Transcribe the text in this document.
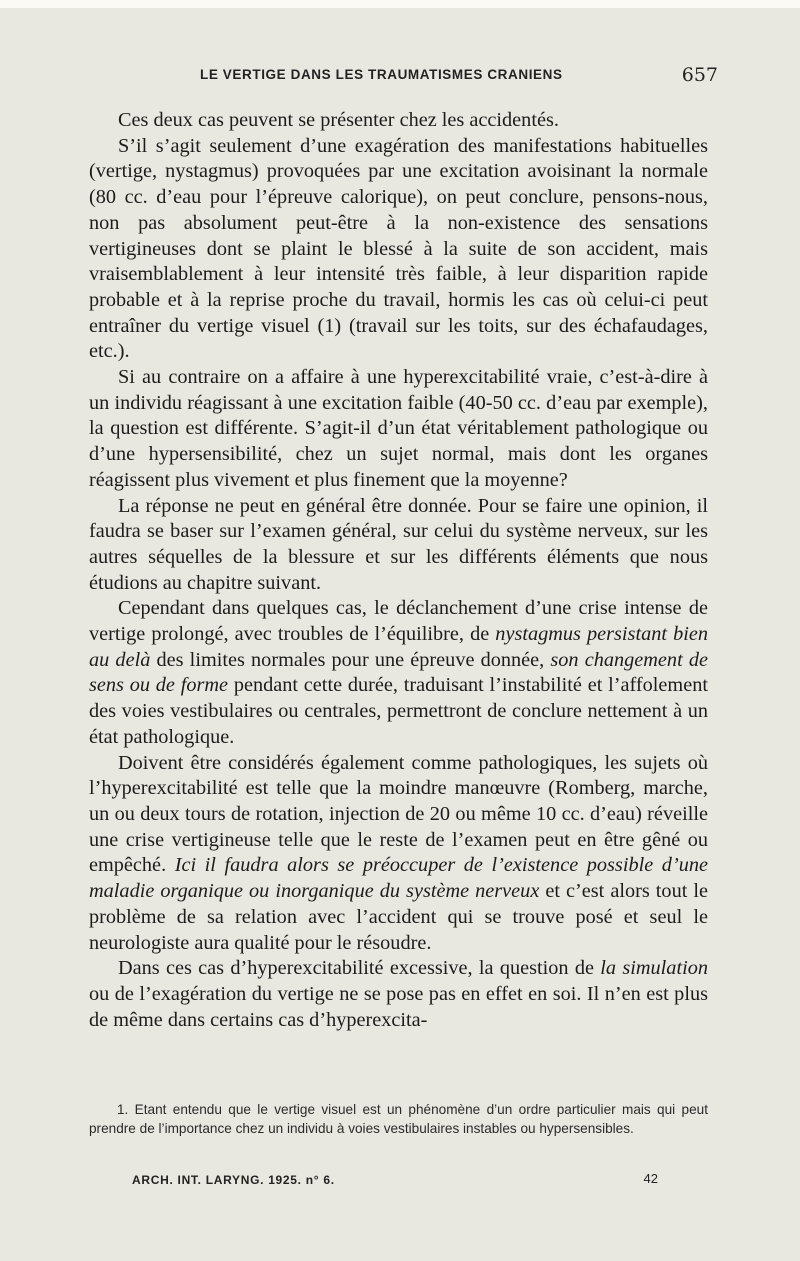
LE VERTIGE DANS LES TRAUMATISMES CRANIENS	657

Ces deux cas peuvent se présenter chez les accidentés.

S’il s’agit seulement d’une exagération des manifestations habituelles (vertige, nystagmus) provoquées par une excitation avoisinant la normale (80 cc. d’eau pour l’épreuve calorique), on peut conclure, pensons-nous, non pas absolument peut-être à la non-existence des sensations vertigineuses dont se plaint le blessé à la suite de son accident, mais vraisemblablement à leur intensité très faible, à leur disparition rapide probable et à la reprise proche du travail, hormis les cas où celui-ci peut entraîner du vertige visuel (1) (travail sur les toits, sur des échafaudages, etc.).

Si au contraire on a affaire à une hyperexcitabilité vraie, c’est-à-dire à un individu réagissant à une excitation faible (40-50 cc. d’eau par exemple), la question est différente. S’agit-il d’un état véritablement pathologique ou d’une hypersensibilité, chez un sujet normal, mais dont les organes réagissent plus vivement et plus finement que la moyenne?

La réponse ne peut en général être donnée. Pour se faire une opinion, il faudra se baser sur l’examen général, sur celui du système nerveux, sur les autres séquelles de la blessure et sur les différents éléments que nous étudions au chapitre suivant.

Cependant dans quelques cas, le déclanchement d’une crise intense de vertige prolongé, avec troubles de l’équilibre, de nystagmus persistant bien au delà des limites normales pour une épreuve donnée, son changement de sens ou de forme pendant cette durée, traduisant l’instabilité et l’affolement des voies vestibulaires ou centrales, permettront de conclure nettement à un état pathologique.

Doivent être considérés également comme pathologiques, les sujets où l’hyperexcitabilité est telle que la moindre manœuvre (Romberg, marche, un ou deux tours de rotation, injection de 20 ou même 10 cc. d’eau) réveille une crise vertigineuse telle que le reste de l’examen peut en être gêné ou empêché. Ici il faudra alors se préoccuper de l’existence possible d’une maladie organique ou inorganique du système nerveux et c’est alors tout le problème de sa relation avec l’accident qui se trouve posé et seul le neurologiste aura qualité pour le résoudre.

Dans ces cas d’hyperexcitabilité excessive, la question de la simulation ou de l’exagération du vertige ne se pose pas en effet en soi. Il n’en est plus de même dans certains cas d’hyperexcita-

1. Etant entendu que le vertige visuel est un phénomène d’un ordre particulier mais qui peut prendre de l’importance chez un individu à voies vestibulaires instables ou hypersensibles.

ARCH. INT. LARYNG. 1925. n° 6.	42
